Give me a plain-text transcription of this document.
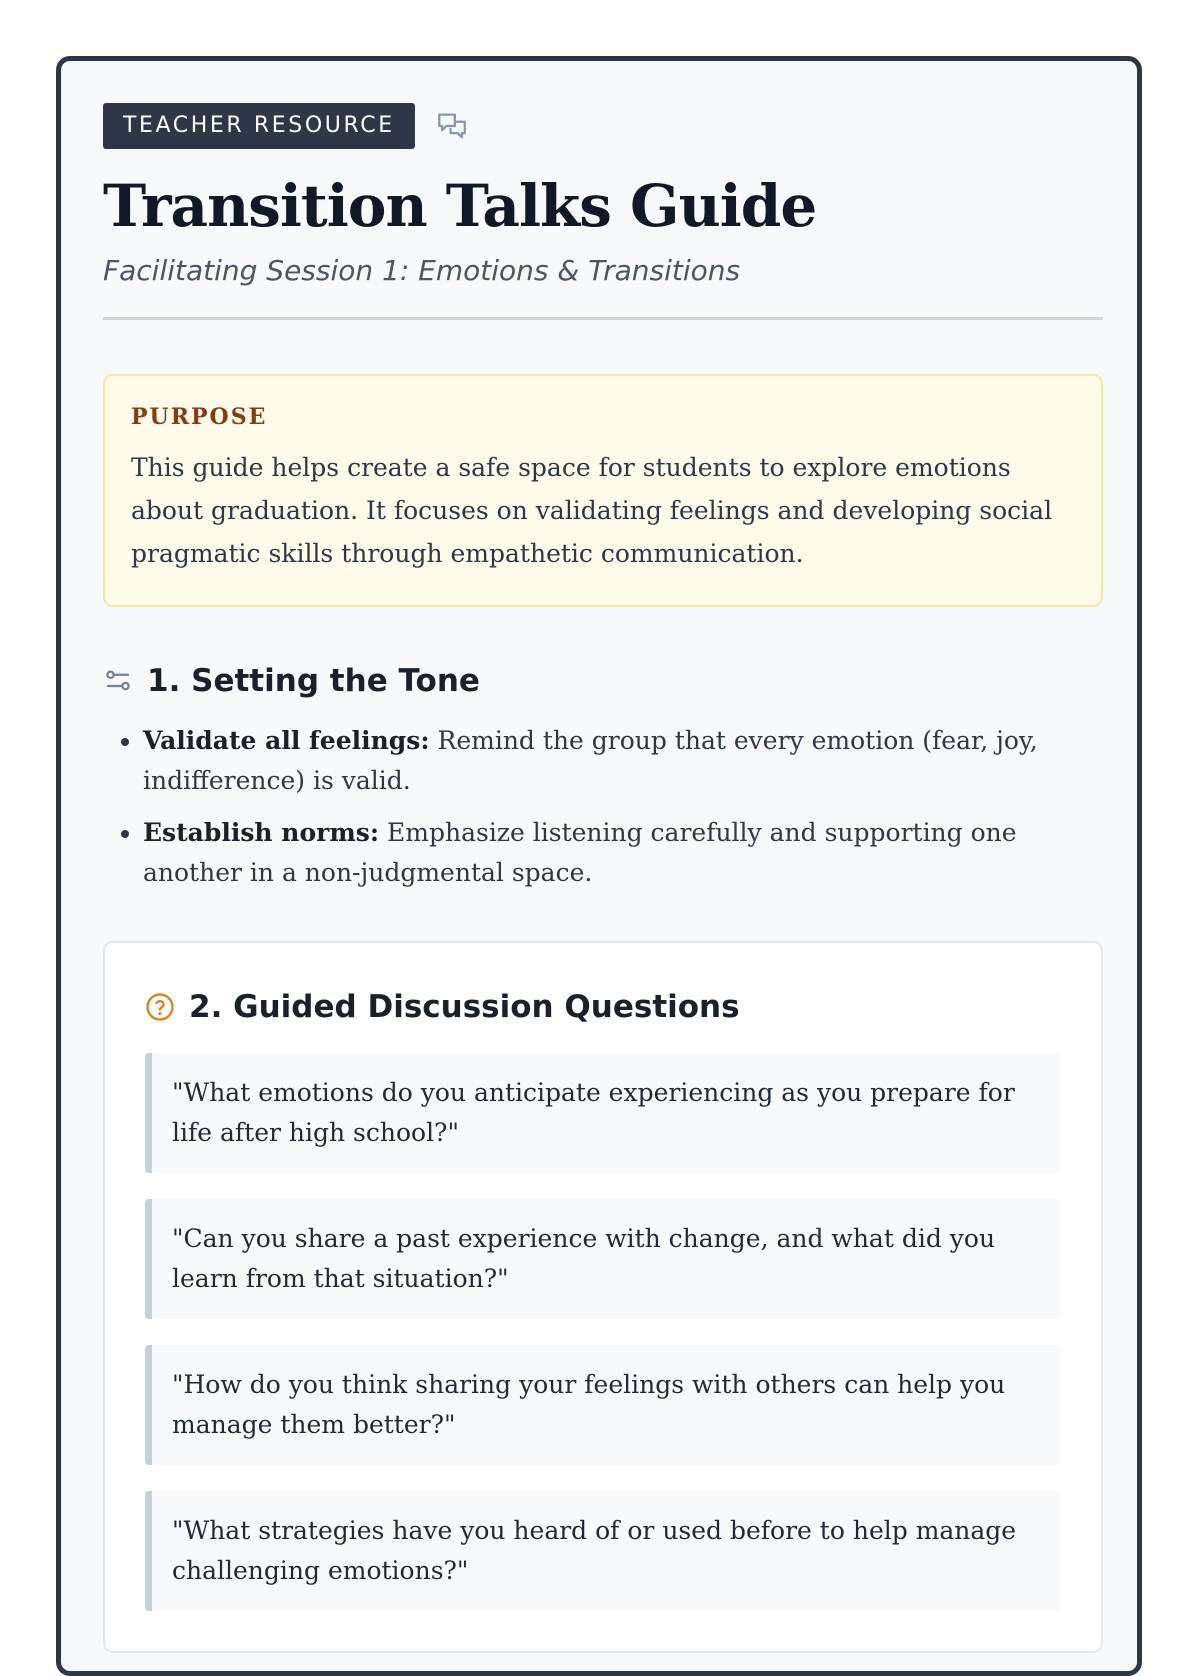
TEACHER RESOURCE
Transition Talks Guide
Facilitating Session 1: Emotions & Transitions
PURPOSE
This guide helps create a safe space for students to explore emotions about graduation. It focuses on validating feelings and developing social pragmatic skills through empathetic communication.
1. Setting the Tone
• Validate all feelings: Remind the group that every emotion (fear, joy, indifference) is valid.
• Establish norms: Emphasize listening carefully and supporting one another in a non-judgmental space.
2. Guided Discussion Questions
"What emotions do you anticipate experiencing as you prepare for life after high school?"
"Can you share a past experience with change, and what did you learn from that situation?"
"How do you think sharing your feelings with others can help you manage them better?"
"What strategies have you heard of or used before to help manage challenging emotions?"
